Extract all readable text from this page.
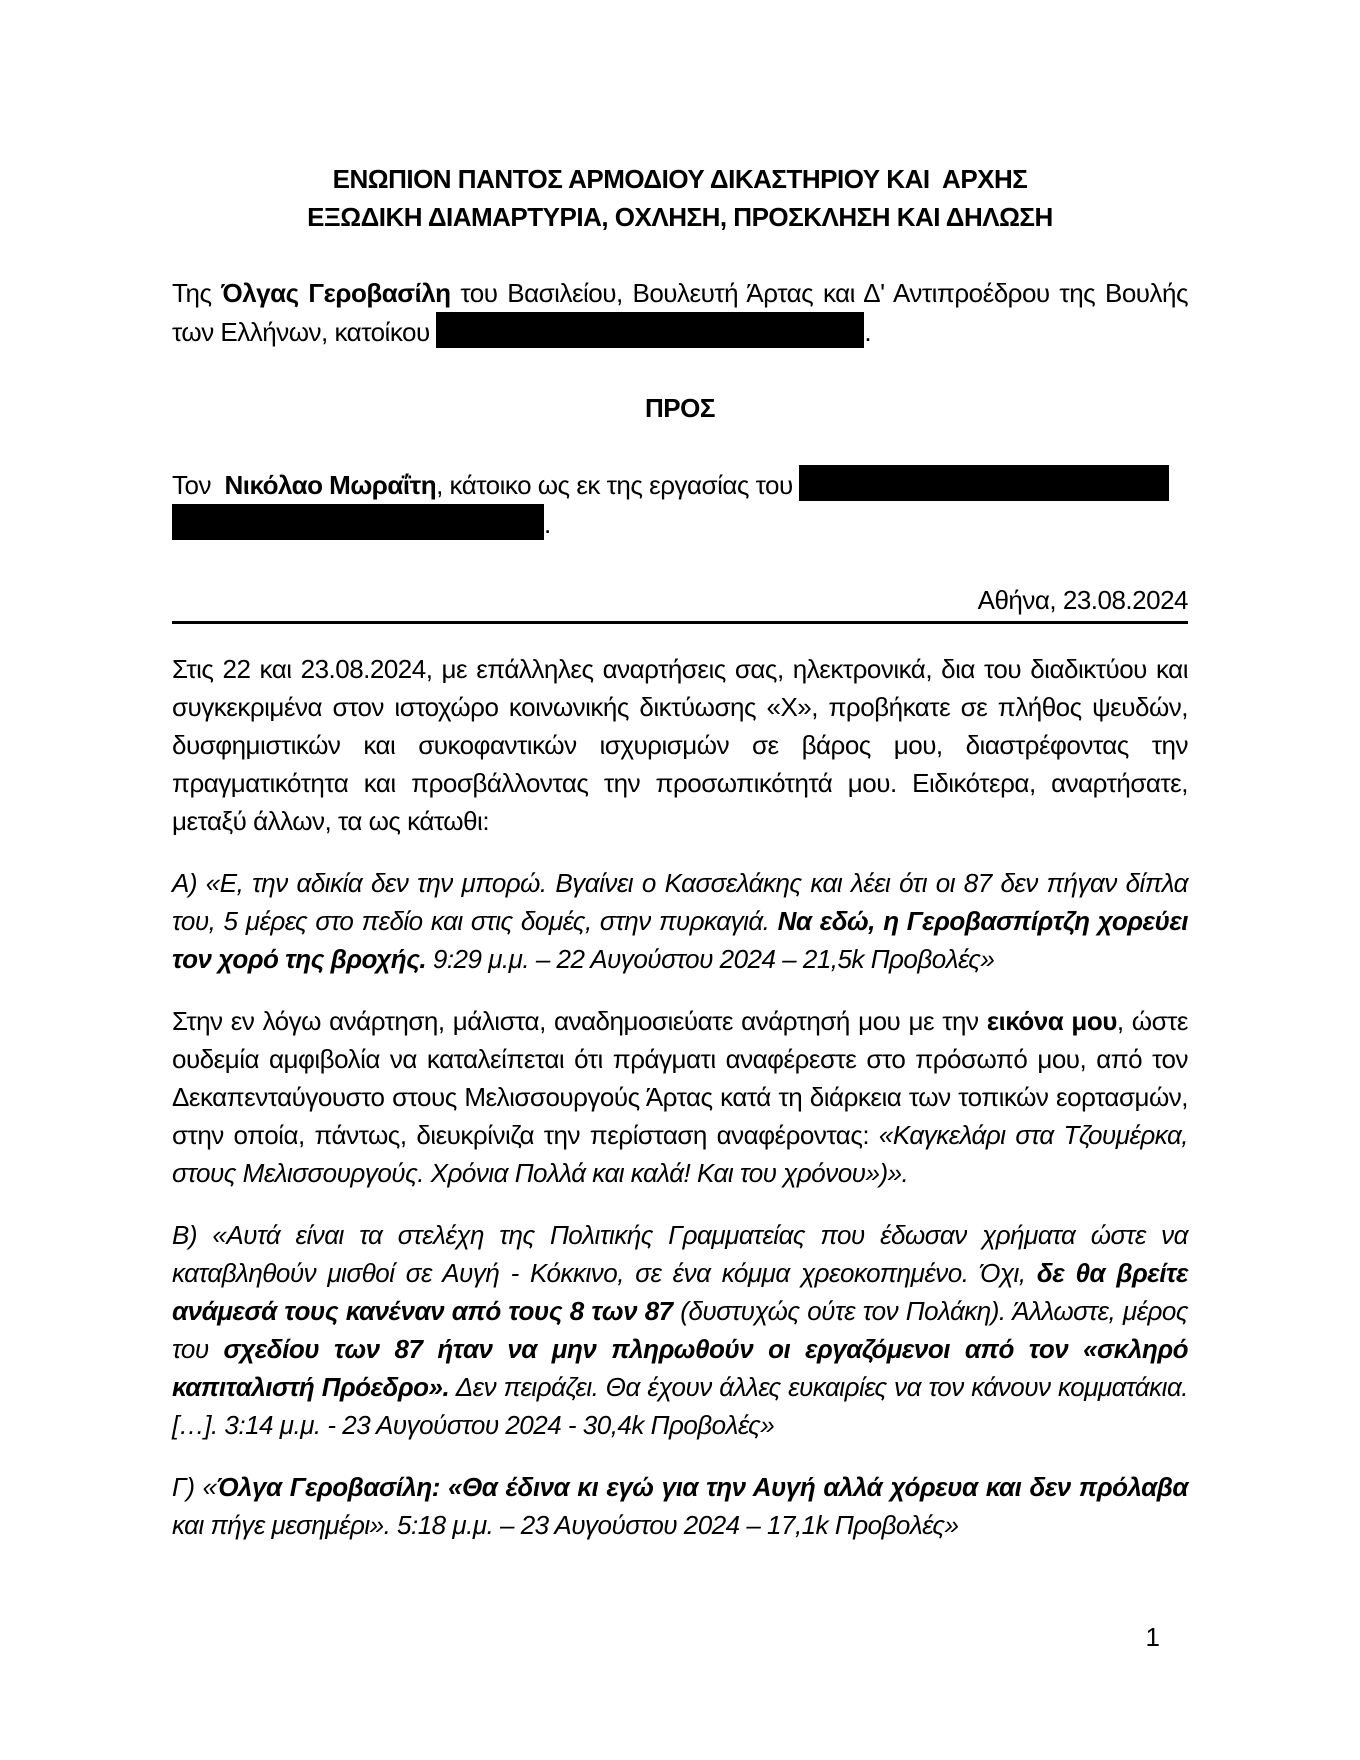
ΕΝΩΠΙΟΝ ΠΑΝΤΟΣ ΑΡΜΟΔΙΟΥ ΔΙΚΑΣΤΗΡΙΟΥ ΚΑΙ  ΑΡΧΗΣ
ΕΞΩΔΙΚΗ ΔΙΑΜΑΡΤΥΡΙΑ, ΟΧΛΗΣΗ, ΠΡΟΣΚΛΗΣΗ ΚΑΙ ΔΗΛΩΣΗ

Της Όλγας Γεροβασίλη του Βασιλείου, Βουλευτή Άρτας και Δ' Αντιπροέδρου της Βουλής των Ελλήνων, κατοίκου	.

ΠΡΟΣ

Τον  Νικόλαο Μωραΐτη, κάτοικο ως εκ της εργασίας του
.

Αθήνα, 23.08.2024

Στις 22 και 23.08.2024, με επάλληλες αναρτήσεις σας, ηλεκτρονικά, δια του διαδικτύου και συγκεκριμένα στον ιστοχώρο κοινωνικής δικτύωσης «Χ», προβήκατε σε πλήθος ψευδών, δυσφημιστικών και συκοφαντικών ισχυρισμών σε βάρος μου, διαστρέφοντας την πραγματικότητα και προσβάλλοντας την προσωπικότητά μου. Ειδικότερα, αναρτήσατε, μεταξύ άλλων, τα ως κάτωθι:

Α) «Ε, την αδικία δεν την μπορώ. Βγαίνει ο Κασσελάκης και λέει ότι οι 87 δεν πήγαν δίπλα του, 5 μέρες στο πεδίο και στις δομές, στην πυρκαγιά. Να εδώ, η Γεροβασπίρτζη χορεύει τον χορό της βροχής. 9:29 μ.μ. – 22 Αυγούστου 2024 – 21,5k Προβολές»

Στην εν λόγω ανάρτηση, μάλιστα, αναδημοσιεύατε ανάρτησή μου με την εικόνα μου, ώστε ουδεμία αμφιβολία να καταλείπεται ότι πράγματι αναφέρεστε στο πρόσωπό μου, από τον Δεκαπενταύγουστο στους Μελισσουργούς Άρτας κατά τη διάρκεια των τοπικών εορτασμών, στην οποία, πάντως, διευκρίνιζα την περίσταση αναφέροντας: «Καγκελάρι στα Τζουμέρκα, στους Μελισσουργούς. Χρόνια Πολλά και καλά! Και του χρόνου»)».

Β) «Αυτά είναι τα στελέχη της Πολιτικής Γραμματείας που έδωσαν χρήματα ώστε να καταβληθούν μισθοί σε Αυγή - Κόκκινο, σε ένα κόμμα χρεοκοπημένο. Όχι, δε θα βρείτε ανάμεσά τους κανέναν από τους 8 των 87 (δυστυχώς ούτε τον Πολάκη). Άλλωστε, μέρος του σχεδίου των 87 ήταν να μην πληρωθούν οι εργαζόμενοι από τον «σκληρό καπιταλιστή Πρόεδρο». Δεν πειράζει. Θα έχουν άλλες ευκαιρίες να τον κάνουν κομματάκια. […]. 3:14 μ.μ. - 23 Αυγούστου 2024 - 30,4k Προβολές»

Γ) «Όλγα Γεροβασίλη: «Θα έδινα κι εγώ για την Αυγή αλλά χόρευα και δεν πρόλαβα και πήγε μεσημέρι». 5:18 μ.μ. – 23 Αυγούστου 2024 – 17,1k Προβολές»

1
